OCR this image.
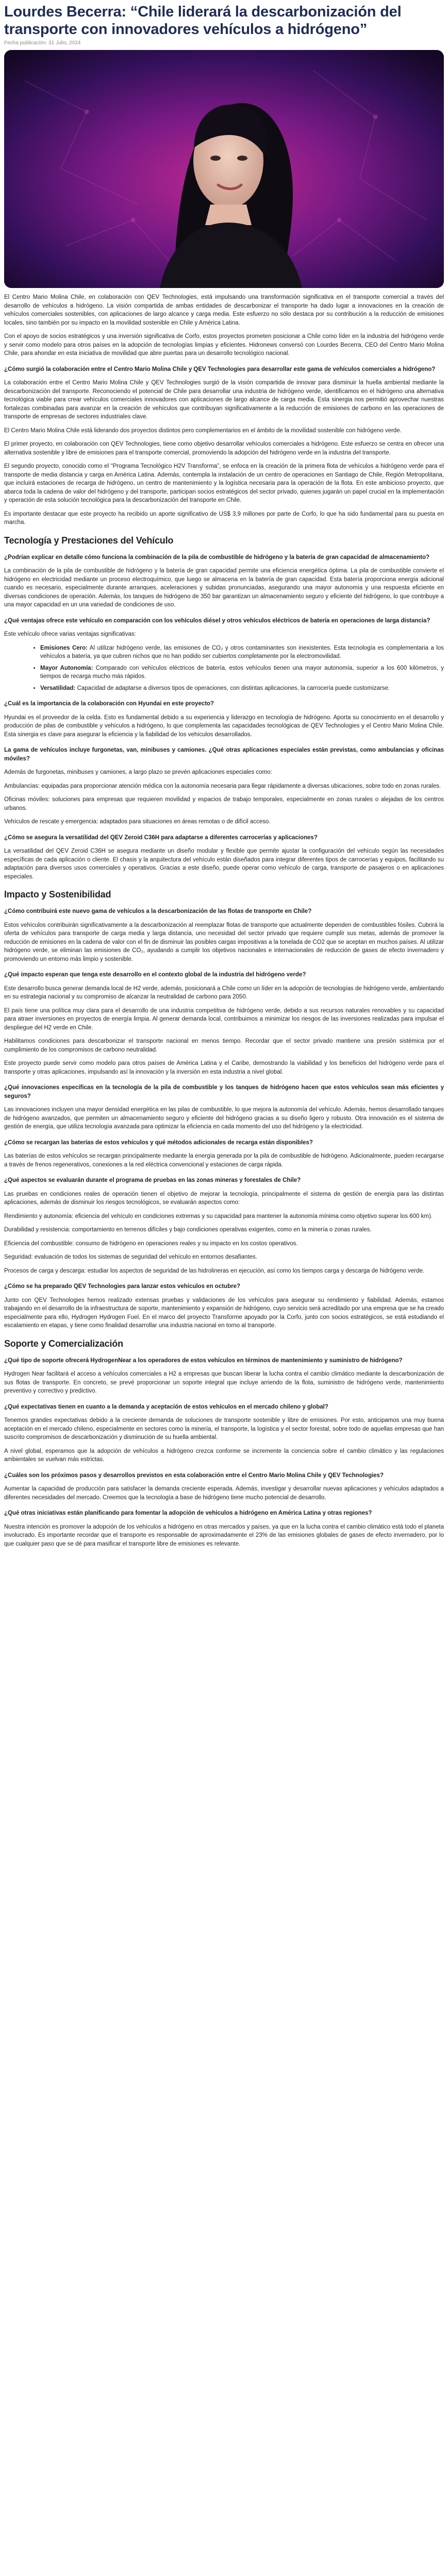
Lourdes Becerra: “Chile liderará la descarbonización del transporte con innovadores vehículos a hidrógeno”
Fecha publicación: 31 Julio, 2024

El Centro Mario Molina Chile, en colaboración con QEV Technologies, está impulsando una transformación significativa en el transporte comercial a través del desarrollo de vehículos a hidrógeno. La visión compartida de ambas entidades de descarbonizar el transporte ha dado lugar a innovaciones en la creación de vehículos comerciales sostenibles, con aplicaciones de largo alcance y carga media. Este esfuerzo no sólo destaca por su contribución a la reducción de emisiones locales, sino también por su impacto en la movilidad sostenible en Chile y América Latina.

Con el apoyo de socios estratégicos y una inversión significativa de Corfo, estos proyectos prometen posicionar a Chile como líder en la industria del hidrógeno verde y servir como modelo para otros países en la adopción de tecnologías limpias y eficientes. Hidronews conversó con Lourdes Becerra, CEO del Centro Mario Molina Chile, para ahondar en esta iniciativa de movilidad que abre puertas para un desarrollo tecnológico nacional.

¿Cómo surgió la colaboración entre el Centro Mario Molina Chile y QEV Technologies para desarrollar este gama de vehículos comerciales a hidrógeno?

La colaboración entre el Centro Mario Molina Chile y QEV Technologies surgió de la visión compartida de innovar para disminuir la huella ambiental mediante la descarbonización del transporte. Reconociendo el potencial de Chile para desarrollar una industria de hidrógeno verde, identificamos en el hidrógeno una alternativa tecnológica viable para crear vehículos comerciales innovadores con aplicaciones de largo alcance de carga media. Esta sinergia nos permitió aprovechar nuestras fortalezas combinadas para avanzar en la creación de vehículos que contribuyan significativamente a la reducción de emisiones de carbono en las operaciones de transporte de empresas de sectores industriales clave.

El Centro Mario Molina Chile está liderando dos proyectos distintos pero complementarios en el ámbito de la movilidad sostenible con hidrógeno verde.

El primer proyecto, en colaboración con QEV Technologies, tiene como objetivo desarrollar vehículos comerciales a hidrógeno. Este esfuerzo se centra en ofrecer una alternativa sostenible y libre de emisiones para el transporte comercial, promoviendo la adopción del hidrógeno verde en la industria del transporte.

El segundo proyecto, conocido como el “Programa Tecnológico H2V Transforma”, se enfoca en la creación de la primera flota de vehículos a hidrógeno verde para el transporte de media distancia y carga en América Latina. Además, contempla la instalación de un centro de operaciones en Santiago de Chile, Región Metropolitana, que incluirá estaciones de recarga de hidrógeno, un centro de mantenimiento y la logística necesaria para la operación de la flota. En este ambicioso proyecto, que abarca toda la cadena de valor del hidrógeno y del transporte, participan socios estratégicos del sector privado, quienes jugarán un papel crucial en la implementación y operación de esta solución tecnológica para la descarbonización del transporte en Chile.

Es importante destacar que este proyecto ha recibido un aporte significativo de US$ 3,9 millones por parte de Corfo, lo que ha sido fundamental para su puesta en marcha.

Tecnología y Prestaciones del Vehículo

¿Podrían explicar en detalle cómo funciona la combinación de la pila de combustible de hidrógeno y la batería de gran capacidad de almacenamiento?

La combinación de la pila de combustible de hidrógeno y la batería de gran capacidad permite una eficiencia energética óptima. La pila de combustible convierte el hidrógeno en electricidad mediante un proceso electroquímico, que luego se almacena en la batería de gran capacidad. Esta batería proporciona energía adicional cuando es necesario, especialmente durante arranques, aceleraciones y subidas pronunciadas, asegurando una mayor autonomía y una respuesta eficiente en diversas condiciones de operación. Además, los tanques de hidrógeno de 350 bar garantizan un almacenamiento seguro y eficiente del hidrógeno, lo que contribuye a una mayor capacidad en un una variedad de condiciones de uso.

¿Qué ventajas ofrece este vehículo en comparación con los vehículos diésel y otros vehículos eléctricos de batería en operaciones de larga distancia?

Este vehículo ofrece varias ventajas significativas:

• Emisiones Cero: Al utilizar hidrógeno verde, las emisiones de CO₂ y otros contaminantes son inexistentes. Esta tecnología es complementaria a los vehículos a batería, ya que cubren nichos que no han podido ser cubiertos completamente por la electromovilidad.
• Mayor Autonomía: Comparado con vehículos eléctricos de batería, estos vehículos tienen una mayor autonomía, superior a los 600 kilómetros, y tiempos de recarga mucho más rápidos.
• Versatilidad: Capacidad de adaptarse a diversos tipos de operaciones, con distintas aplicaciones, la carrocería puede customizarse.

¿Cuál es la importancia de la colaboración con Hyundai en este proyecto?

Hyundai es el proveedor de la celda. Esto es fundamental debido a su experiencia y liderazgo en tecnología de hidrógeno. Aporta su conocimiento en el desarrollo y producción de pilas de combustible y vehículos a hidrógeno, lo que complementa las capacidades tecnológicas de QEV Technologies y el Centro Mario Molina Chile. Esta sinergia es clave para asegurar la eficiencia y la fiabilidad de los vehículos desarrollados.

La gama de vehículos incluye furgonetas, van, minibuses y camiones. ¿Qué otras aplicaciones especiales están previstas, como ambulancias y oficinas móviles?

Además de furgonetas, minibuses y camiones, a largo plazo se prevén aplicaciones especiales como:

Ambulancias: equipadas para proporcionar atención médica con la autonomía necesaria para llegar rápidamente a diversas ubicaciones, sobre todo en zonas rurales.

Oficinas móviles: soluciones para empresas que requieren movilidad y espacios de trabajo temporales, especialmente en zonas rurales o alejadas de los centros urbanos.

Vehículos de rescate y emergencia: adaptados para situaciones en áreas remotas o de difícil acceso.

¿Cómo se asegura la versatilidad del QEV Zeroid C36H para adaptarse a diferentes carrocerías y aplicaciones?

La versatilidad del QEV Zeroid C36H se asegura mediante un diseño modular y flexible que permite ajustar la configuración del vehículo según las necesidades específicas de cada aplicación o cliente. El chasis y la arquitectura del vehículo están diseñados para integrar diferentes tipos de carrocerías y equipos, facilitando su adaptación para diversos usos comerciales y operativos. Gracias a este diseño, puede operar como vehículo de carga, transporte de pasajeros o en aplicaciones especiales.

Impacto y Sostenibilidad

¿Cómo contribuirá este nuevo gama de vehículos a la descarbonización de las flotas de transporte en Chile?

Estos vehículos contribuirán significativamente a la descarbonización al reemplazar flotas de transporte que actualmente dependen de combustibles fósiles. Cubrirá la oferta de vehículos para transporte de carga media y larga distancia, uno necesidad del sector privado que requiere cumplir sus metas, además de promover la reducción de emisiones en la cadena de valor con el fin de disminuir las posibles cargas impositivas a la tonelada de CO2 que se aceptan en muchos países. Al utilizar hidrógeno verde, se eliminan las emisiones de CO₂, ayudando a cumplir los objetivos nacionales e internacionales de reducción de gases de efecto invernadero y promoviendo un entorno más limpio y sostenible.

¿Qué impacto esperan que tenga este desarrollo en el contexto global de la industria del hidrógeno verde?

Este desarrollo busca generar demanda local de H2 verde, además, posicionará a Chile como un líder en la adopción de tecnologías de hidrógeno verde, ambientando en su estrategia nacional y su compromiso de alcanzar la neutralidad de carbono para 2050.

El país tiene una política muy clara para el desarrollo de una industria competitiva de hidrógeno verde, debido a sus recursos naturales renovables y su capacidad para atraer inversiones en proyectos de energía limpia. Al generar demanda local, contribuimos a minimizar los riesgos de las inversiones realizadas para impulsar el despliegue del H2 verde en Chile.

Habilitamos condiciones para descarbonizar el transporte nacional en menos tiempo. Recordar que el sector privado mantiene una presión sistémica por el cumplimiento de los compromisos de carbono neutralidad.

Este proyecto puede servir como modelo para otros países de América Latina y el Caribe, demostrando la viabilidad y los beneficios del hidrógeno verde para el transporte y otras aplicaciones, impulsando así la innovación y la inversión en esta industria a nivel global.

¿Qué innovaciones específicas en la tecnología de la pila de combustible y los tanques de hidrógeno hacen que estos vehículos sean más eficientes y seguros?

Las innovaciones incluyen una mayor densidad energética en las pilas de combustible, lo que mejora la autonomía del vehículo. Además, hemos desarrollado tanques de hidrógeno avanzados, que permiten un almacenamiento seguro y eficiente del hidrógeno gracias a su diseño ligero y robusto. Otra innovación es el sistema de gestión de energía, que utiliza tecnología avanzada para optimizar la eficiencia en cada momento del uso del hidrógeno y la electricidad.

¿Cómo se recargan las baterías de estos vehículos y qué métodos adicionales de recarga están disponibles?

Las baterías de estos vehículos se recargan principalmente mediante la energía generada por la pila de combustible de hidrógeno. Adicionalmente, pueden recargarse a través de frenos regenerativos, conexiones a la red eléctrica convencional y estaciones de carga rápida.

¿Qué aspectos se evaluarán durante el programa de pruebas en las zonas mineras y forestales de Chile?

Las pruebas en condiciones reales de operación tienen el objetivo de mejorar la tecnología, principalmente el sistema de gestión de energía para las distintas aplicaciones, además de disminuir los riesgos tecnológicos, se evaluarán aspectos como:

Rendimiento y autonomía: eficiencia del vehículo en condiciones extremas y su capacidad para mantener la autonomía mínima como objetivo superar los 600 km).

Durabilidad y resistencia: comportamiento en terrenos difíciles y bajo condiciones operativas exigentes, como en la minería o zonas rurales.

Eficiencia del combustible: consumo de hidrógeno en operaciones reales y su impacto en los costos operativos.

Seguridad: evaluación de todos los sistemas de seguridad del vehículo en entornos desafiantes.

Procesos de carga y descarga: estudiar los aspectos de seguridad de las hidrolineras en ejecución, así como los tiempos carga y descarga de hidrógeno verde.

¿Cómo se ha preparado QEV Technologies para lanzar estos vehículos en octubre?

Junto con QEV Technologies hemos realizado extensas pruebas y validaciones de los vehículos para asegurar su rendimiento y fiabilidad. Además, estamos trabajando en el desarrollo de la infraestructura de soporte, mantenimiento y expansión de hidrógeno, cuyo servicio será acreditado por una empresa que se ha creado especialmente para ello, Hydrogen Hydrogen Fuel. En el marco del proyecto Transforme apoyado por la Corfo, junto con socios estratégicos, se está estudiando el escalamiento en etapas, y tiene como finalidad desarrollar una industria nacional en torno al transporte.

Soporte y Comercialización

¿Qué tipo de soporte ofrecerá HydrogenNear a los operadores de estos vehículos en términos de mantenimiento y suministro de hidrógeno?

Hydrogen Near facilitará el acceso a vehículos comerciales a H2 a empresas que buscan liberar la lucha contra el cambio climático mediante la descarbonización de sus flotas de transporte. En concreto, se prevé proporcionar un soporte integral que incluye arriendo de la flota, suministro de hidrógeno verde, mantenimiento preventivo y correctivo y predictivo.

¿Qué expectativas tienen en cuanto a la demanda y aceptación de estos vehículos en el mercado chileno y global?

Tenemos grandes expectativas debido a la creciente demanda de soluciones de transporte sostenible y libre de emisiones. Por esto, anticipamos una muy buena aceptación en el mercado chileno, especialmente en sectores como la minería, el transporte, la logística y el sector forestal, sobre todo de aquellas empresas que han suscrito compromisos de descarbonización y disminución de su huella ambiental.

A nivel global, esperamos que la adopción de vehículos a hidrógeno crezca conforme se incremente la conciencia sobre el cambio climático y las regulaciones ambientales se vuelvan más estrictas.

¿Cuáles son los próximos pasos y desarrollos previstos en esta colaboración entre el Centro Mario Molina Chile y QEV Technologies?

Aumentar la capacidad de producción para satisfacer la demanda creciente esperada. Además, investigar y desarrollar nuevas aplicaciones y vehículos adaptados a diferentes necesidades del mercado. Creemos que la tecnología a base de hidrógeno tiene mucho potencial de desarrollo.

¿Qué otras iniciativas están planificando para fomentar la adopción de vehículos a hidrógeno en América Latina y otras regiones?

Nuestra intención es promover la adopción de los vehículos a hidrógeno en otras mercados y países, ya que en la lucha contra el cambio climático está todo el planeta involucrado. Es importante recordar que el transporte es responsable de aproximadamente el 23% de las emisiones globales de gases de efecto invernadero, por lo que cualquier paso que se dé para masificar el transporte libre de emisiones es relevante.
